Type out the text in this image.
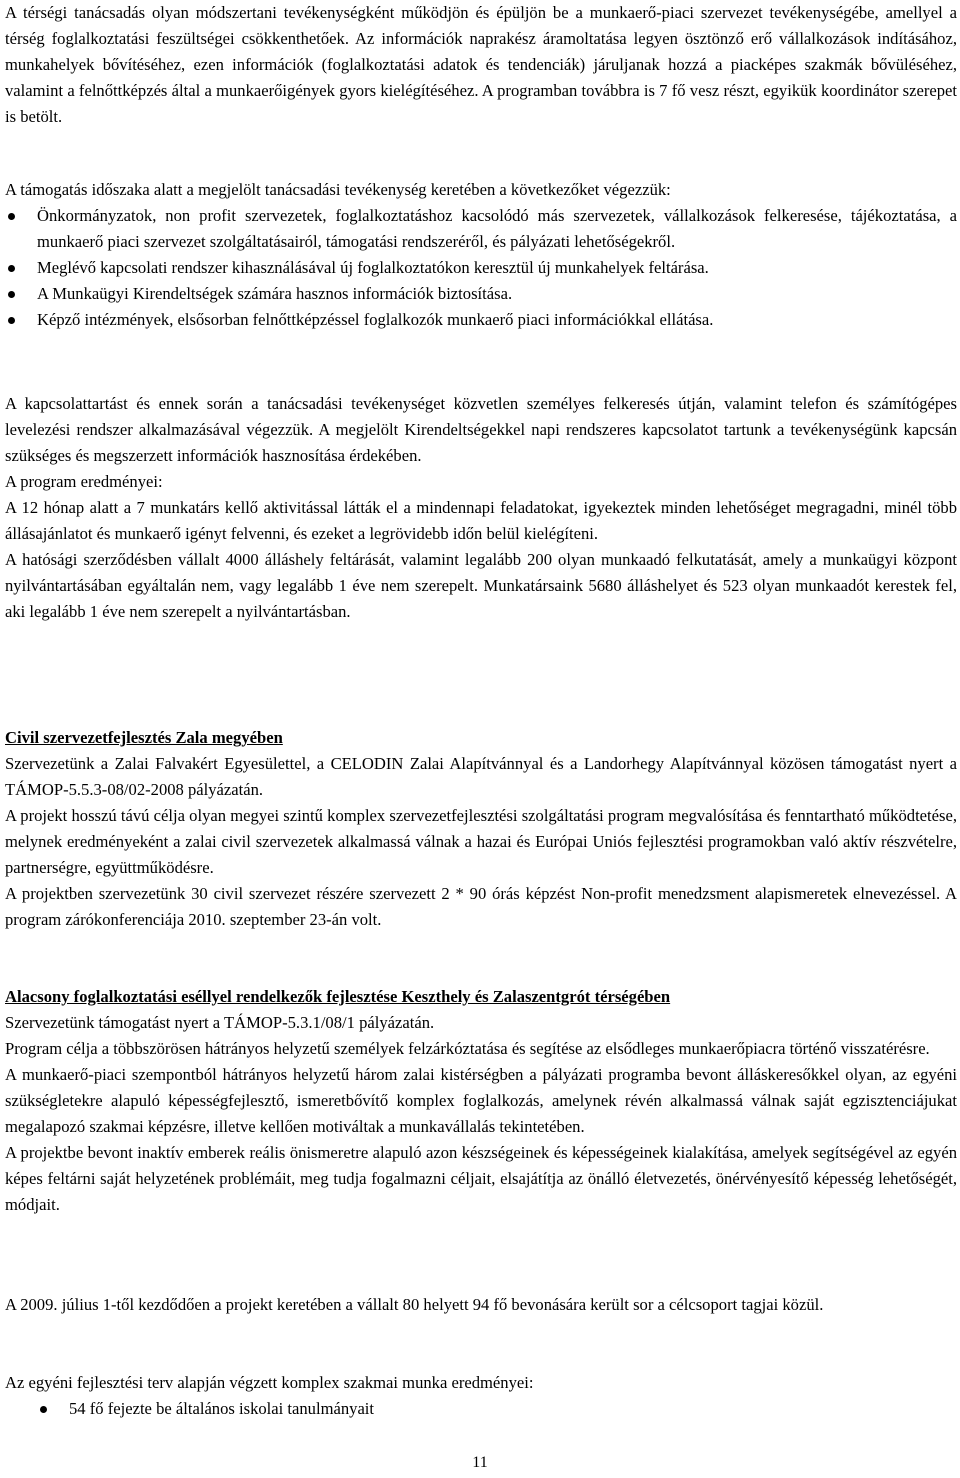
A térségi tanácsadás olyan módszertani tevékenységként működjön és épüljön be a munkaerő-piaci szervezet tevékenységébe, amellyel a térség foglalkoztatási feszültségei csökkenthetőek. Az információk naprakész áramoltatása legyen ösztönző erő vállalkozások indításához, munkahelyek bővítéséhez, ezen információk (foglalkoztatási adatok és tendenciák) járuljanak hozzá a piacképes szakmák bővüléséhez, valamint a felnőttképzés által a munkaerőigények gyors kielégítéséhez. A programban továbbra is 7 fő vesz részt, egyikük koordinátor szerepet is betölt.

A támogatás időszaka alatt a megjelölt tanácsadási tevékenység keretében a következőket végezzük:

Önkormányzatok, non profit szervezetek, foglalkoztatáshoz kacsolódó más szervezetek, vállalkozások felkeresése, tájékoztatása, a munkaerő piaci szervezet szolgáltatásairól, támogatási rendszeréről, és pályázati lehetőségekről.
Meglévő kapcsolati rendszer kihasználásával új foglalkoztatókon keresztül új munkahelyek feltárása.
A Munkaügyi Kirendeltségek számára hasznos információk biztosítása.
Képző intézmények, elsősorban felnőttképzéssel foglalkozók munkaerő piaci információkkal ellátása.

A kapcsolattartást és ennek során a tanácsadási tevékenységet közvetlen személyes felkeresés útján, valamint telefon és számítógépes levelezési rendszer alkalmazásával végezzük. A megjelölt Kirendeltségekkel napi rendszeres kapcsolatot tartunk a tevékenységünk kapcsán szükséges és megszerzett információk hasznosítása érdekében.

A program eredményei:

A 12 hónap alatt a 7 munkatárs kellő aktivitással látták el a mindennapi feladatokat, igyekeztek minden lehetőséget megragadni, minél több állásajánlatot és munkaerő igényt felvenni, és ezeket a legrövidebb időn belül kielégíteni.

A hatósági szerződésben vállalt 4000 álláshely feltárását, valamint legalább 200 olyan munkaadó felkutatását, amely a munkaügyi központ nyilvántartásában egyáltalán nem, vagy legalább 1 éve nem szerepelt. Munkatársaink 5680 álláshelyet és 523 olyan munkaadót kerestek fel, aki legalább 1 éve nem szerepelt a nyilvántartásban.

Civil szervezetfejlesztés Zala megyében

Szervezetünk a Zalai Falvakért Egyesülettel, a CELODIN Zalai Alapítvánnyal és a Landorhegy Alapítvánnyal közösen támogatást nyert a TÁMOP-5.5.3-08/02-2008 pályázatán.

A projekt hosszú távú célja olyan megyei szintű komplex szervezetfejlesztési szolgáltatási program megvalósítása és fenntartható működtetése, melynek eredményeként a zalai civil szervezetek alkalmassá válnak a hazai és Európai Uniós fejlesztési programokban való aktív részvételre, partnerségre, együttműködésre.

A projektben szervezetünk 30 civil szervezet részére szervezett 2 * 90 órás képzést Non-profit menedzsment alapismeretek elnevezéssel. A program zárókonferenciája 2010. szeptember 23-án volt.

Alacsony foglalkoztatási eséllyel rendelkezők fejlesztése Keszthely és Zalaszentgrót térségében

Szervezetünk támogatást nyert a TÁMOP-5.3.1/08/1 pályázatán.

Program célja a többszörösen hátrányos helyzetű személyek felzárkóztatása és segítése az elsődleges munkaerőpiacra történő visszatérésre.

A munkaerő-piaci szempontból hátrányos helyzetű három zalai kistérségben a pályázati programba bevont álláskeresőkkel olyan, az egyéni szükségletekre alapuló képességfejlesztő, ismeretbővítő komplex foglalkozás, amelynek révén alkalmassá válnak saját egzisztenciájukat megalapozó szakmai képzésre, illetve kellően motiváltak a munkavállalás tekintetében.

A projektbe bevont inaktív emberek reális önismeretre alapuló azon készségeinek és képességeinek kialakítása, amelyek segítségével az egyén képes feltárni saját helyzetének problémáit, meg tudja fogalmazni céljait, elsajátítja az önálló életvezetés, önérvényesítő képesség lehetőségét, módjait.

A 2009. július 1-től kezdődően a projekt keretében a vállalt 80 helyett 94 fő bevonására került sor a célcsoport tagjai közül.

Az egyéni fejlesztési terv alapján végzett komplex szakmai munka eredményei:

54 fő fejezte be általános iskolai tanulmányait
11
